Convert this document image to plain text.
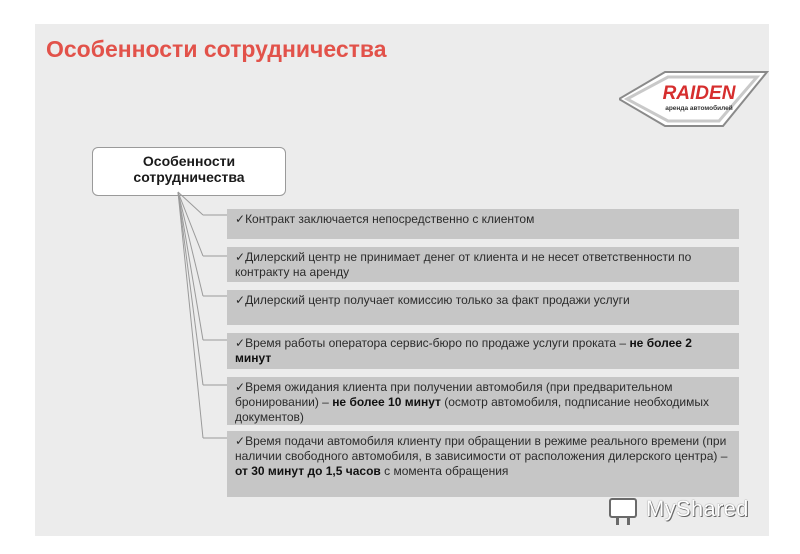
Особенности сотрудничества
RAIDEN
аренда автомобилей
Особенности
сотрудничества
✓Контракт заключается непосредственно с клиентом
✓Дилерский центр не принимает денег от клиента и не несет ответственности по контракту на аренду
✓Дилерский центр получает комиссию только за факт продажи услуги
✓Время работы оператора сервис-бюро по продаже услуги проката – не более 2 минут
✓Время ожидания клиента при получении автомобиля (при предварительном бронировании) – не более 10 минут (осмотр автомобиля, подписание необходимых документов)
✓Время подачи автомобиля клиенту при обращении в режиме реального времени (при наличии свободного автомобиля, в зависимости от расположения дилерского центра) – от 30 минут до 1,5 часов с момента обращения
MyShared
